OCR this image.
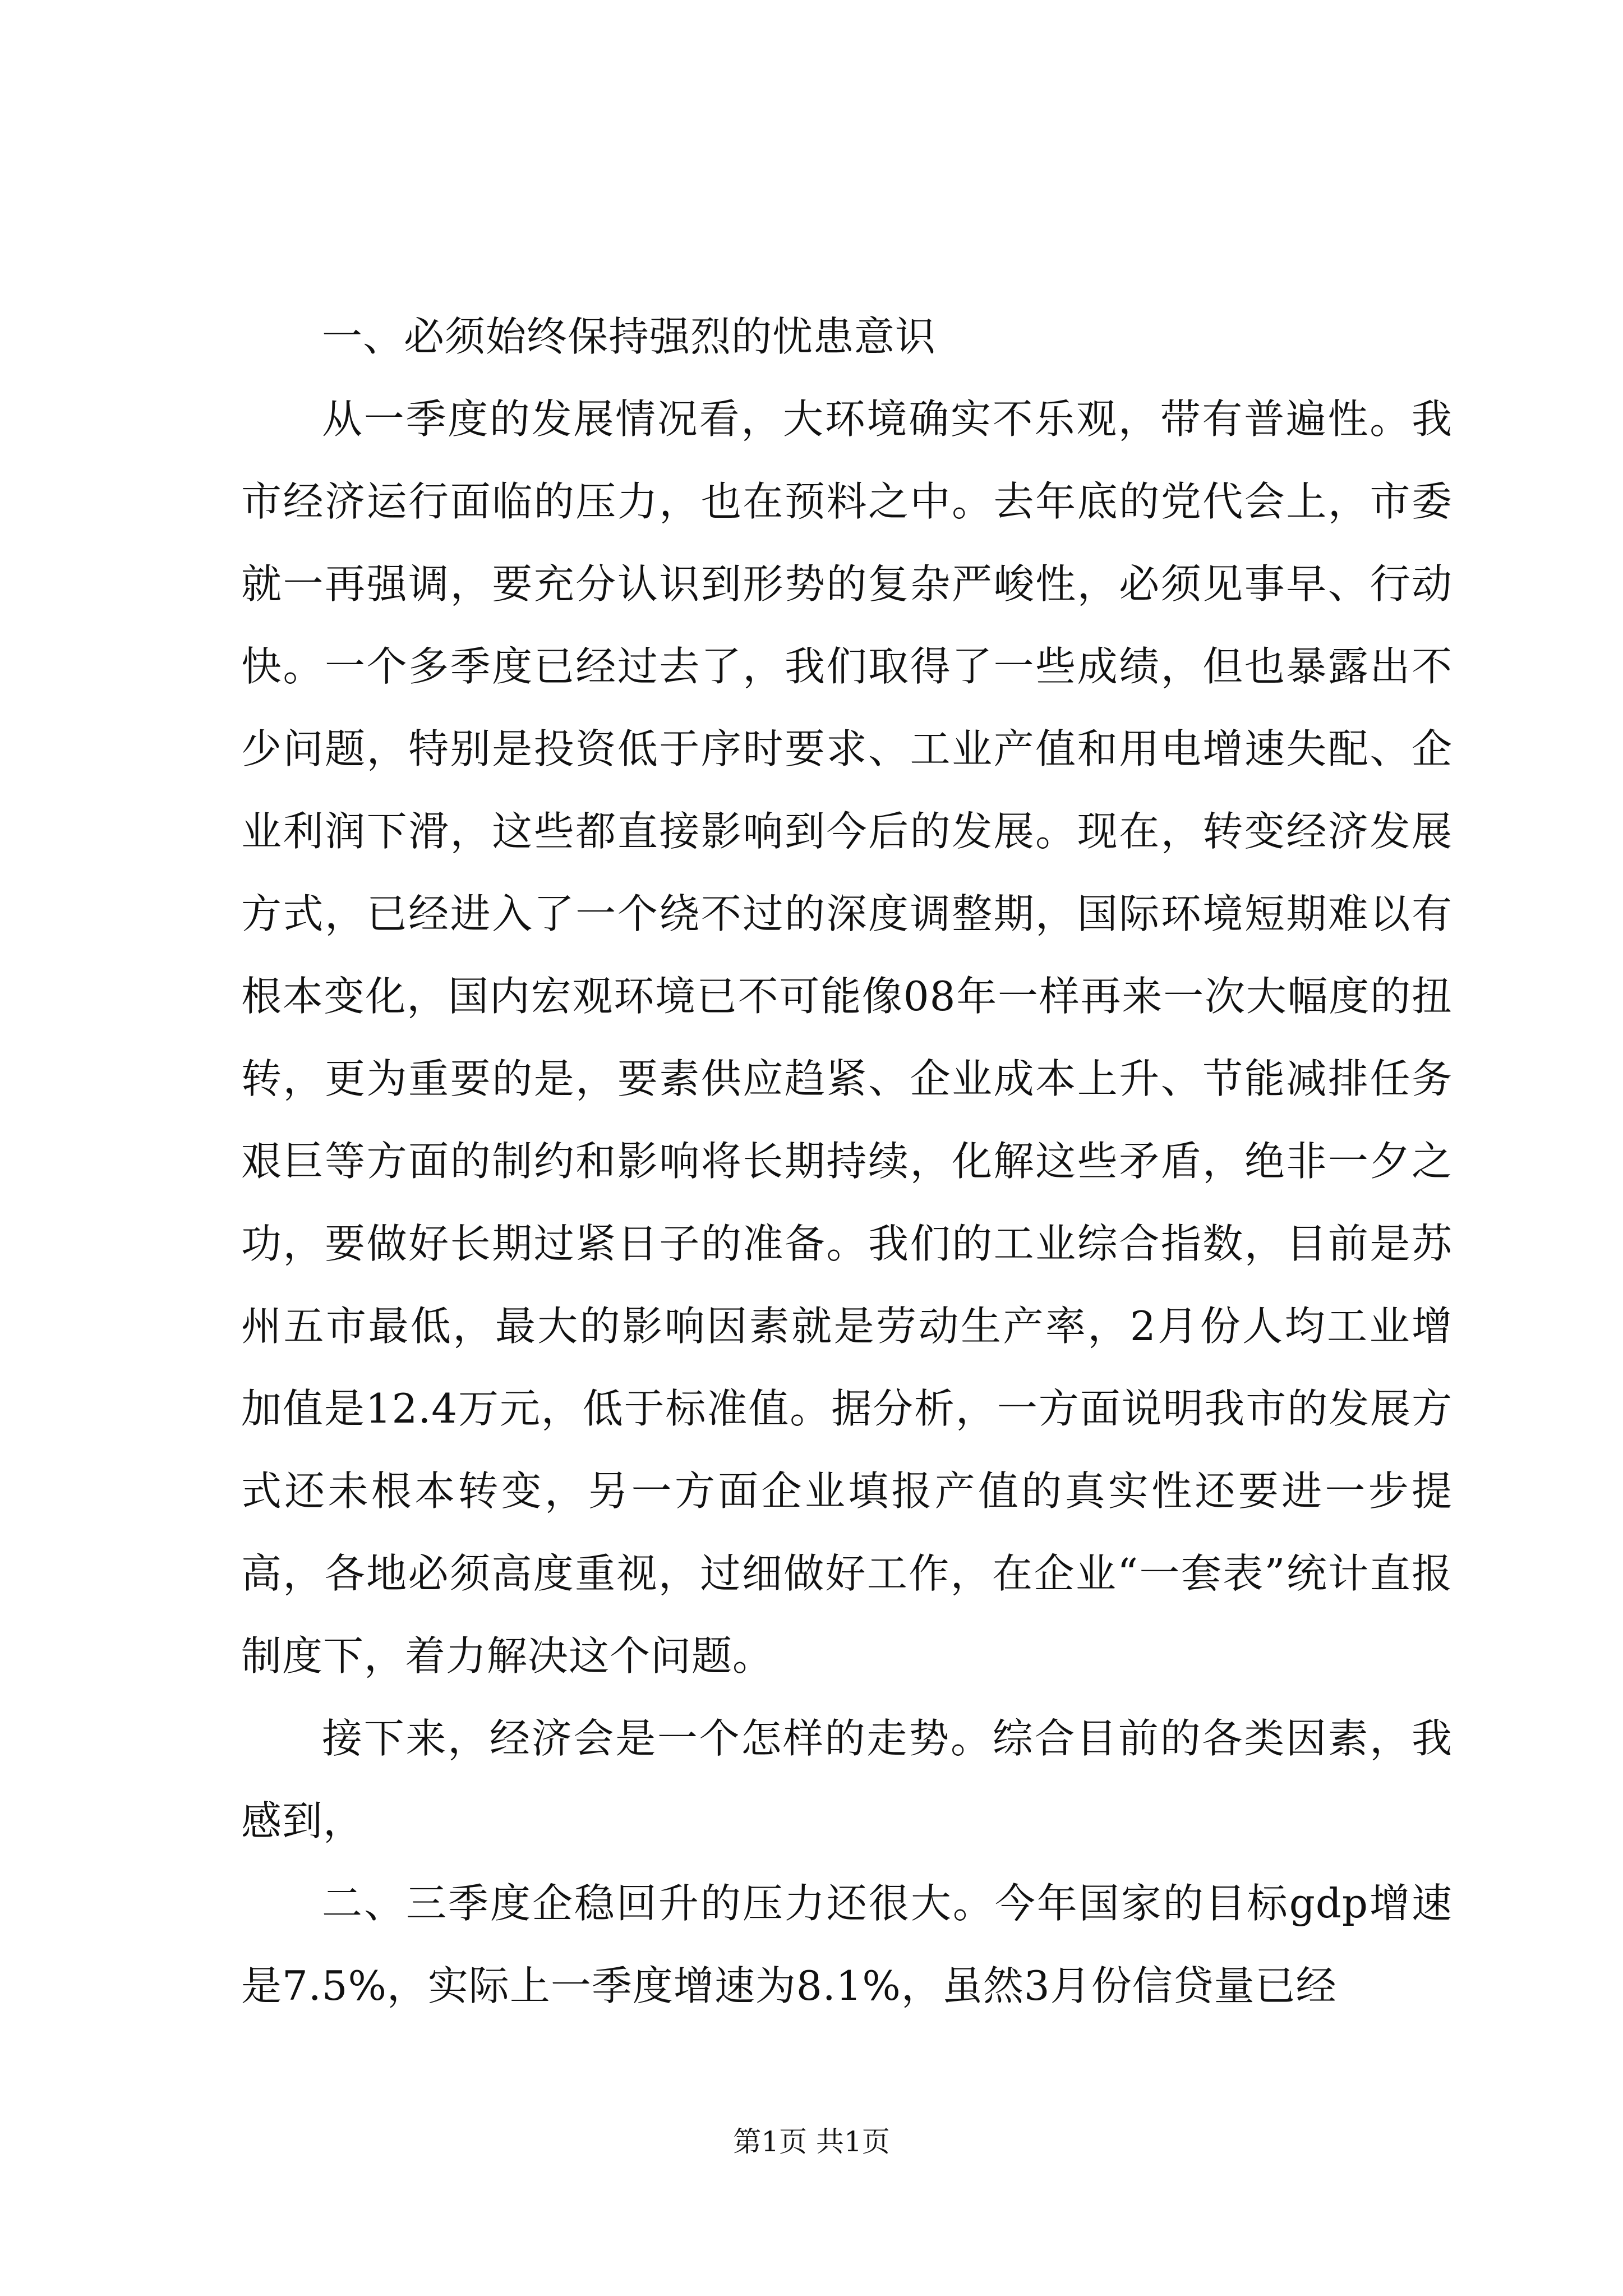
一、必须始终保持强烈的忧患意识

从一季度的发展情况看，大环境确实不乐观，带有普遍性。我市经济运行面临的压力，也在预料之中。去年底的党代会上，市委就一再强调，要充分认识到形势的复杂严峻性，必须见事早、行动快。一个多季度已经过去了，我们取得了一些成绩，但也暴露出不少问题，特别是投资低于序时要求、工业产值和用电增速失配、企业利润下滑，这些都直接影响到今后的发展。现在，转变经济发展方式，已经进入了一个绕不过的深度调整期，国际环境短期难以有根本变化，国内宏观环境已不可能像08年一样再来一次大幅度的扭转，更为重要的是，要素供应趋紧、企业成本上升、节能减排任务艰巨等方面的制约和影响将长期持续，化解这些矛盾，绝非一夕之功，要做好长期过紧日子的准备。我们的工业综合指数，目前是苏州五市最低，最大的影响因素就是劳动生产率，2月份人均工业增加值是12.4万元，低于标准值。据分析，一方面说明我市的发展方式还未根本转变，另一方面企业填报产值的真实性还要进一步提高，各地必须高度重视，过细做好工作，在企业“一套表”统计直报制度下，着力解决这个问题。

接下来，经济会是一个怎样的走势。综合目前的各类因素，我感到，

二、三季度企稳回升的压力还很大。今年国家的目标gdp增速是7.5%，实际上一季度增速为8.1%，虽然3月份信贷量已经

第1页 共1页
